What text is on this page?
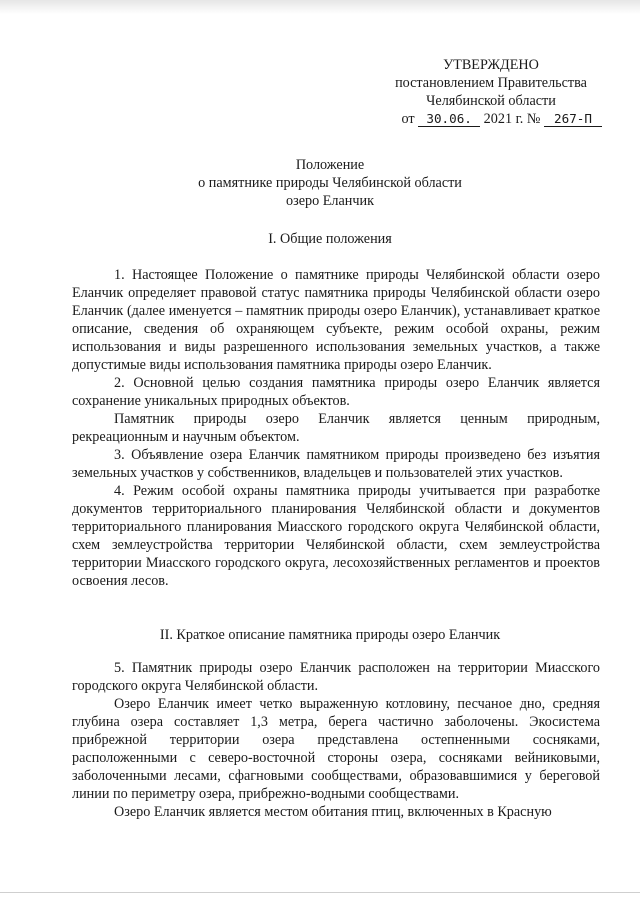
УТВЕРЖДЕНО
постановлением Правительства
Челябинской области
от 30.06. 2021 г. № 267-П
Положение
о памятнике природы Челябинской области
озеро Еланчик
I. Общие положения

1. Настоящее Положение о памятнике природы Челябинской области озеро Еланчик определяет правовой статус памятника природы Челябинской области озеро Еланчик (далее именуется – памятник природы озеро Еланчик), устанавливает краткое описание, сведения об охраняющем субъекте, режим особой охраны, режим использования и виды разрешенного использования земельных участков, а также допустимые виды использования памятника природы озеро Еланчик.

2. Основной целью создания памятника природы озеро Еланчик является сохранение уникальных природных объектов.

Памятник природы озеро Еланчик является ценным природным, рекреационным и научным объектом.

3. Объявление озера Еланчик памятником природы произведено без изъятия земельных участков у собственников, владельцев и пользователей этих участков.

4. Режим особой охраны памятника природы учитывается при разработке документов территориального планирования Челябинской области и документов территориального планирования Миасского городского округа Челябинской области, схем землеустройства территории Челябинской области, схем землеустройства территории Миасского городского округа, лесохозяйственных регламентов и проектов освоения лесов.

II. Краткое описание памятника природы озеро Еланчик

5. Памятник природы озеро Еланчик расположен на территории Миасского городского округа Челябинской области.

Озеро Еланчик имеет четко выраженную котловину, песчаное дно, средняя глубина озера составляет 1,3 метра, берега частично заболочены. Экосистема прибрежной территории озера представлена остепненными сосняками, расположенными с северо-восточной стороны озера, сосняками вейниковыми, заболоченными лесами, сфагновыми сообществами, образовавшимися у береговой линии по периметру озера, прибрежно-водными сообществами.

Озеро Еланчик является местом обитания птиц, включенных в Красную
